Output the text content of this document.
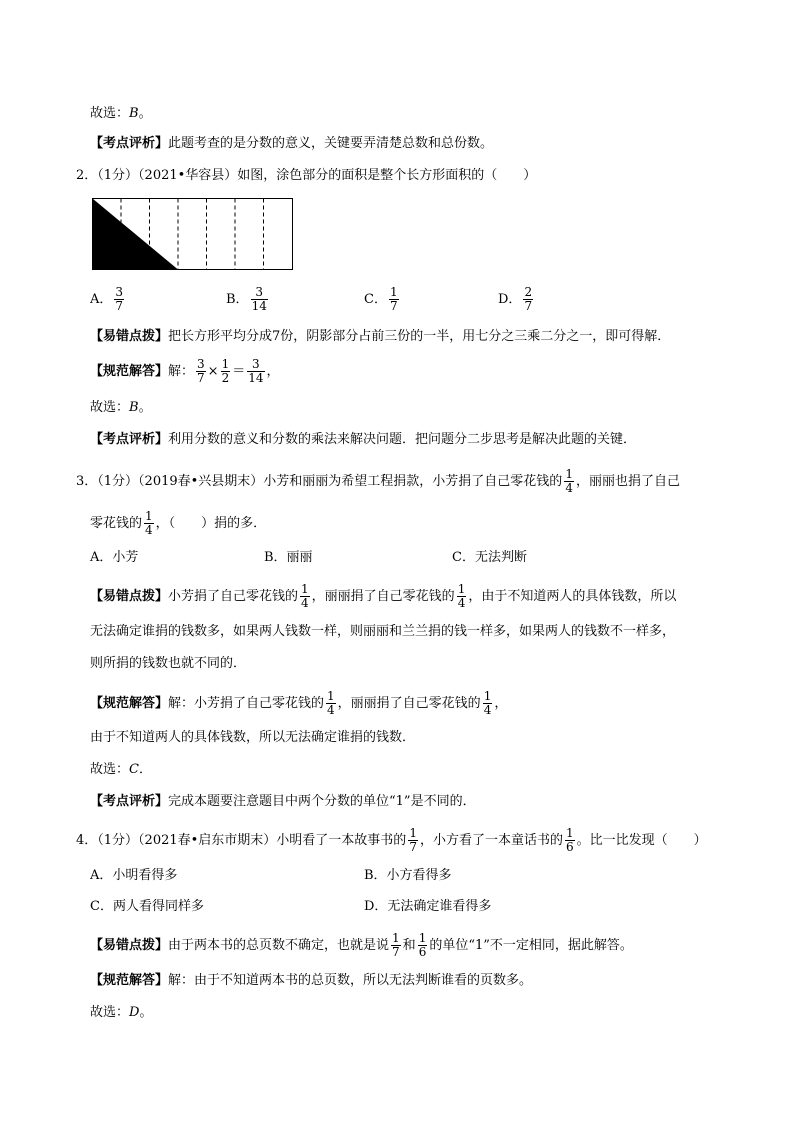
故选：B。
【考点评析】此题考查的是分数的意义，关键要弄清楚总数和总份数。
2．（1分）（2021•华容县）如图，涂色部分的面积是整个长方形面积的（　　）
A． $\frac{3}{7}$	B． $\frac{3}{14}$	C． $\frac{1}{7}$	D． $\frac{2}{7}$
【易错点拨】把长方形平均分成7份，阴影部分占前三份的一半，用七分之三乘二分之一，即可得解．
【规范解答】解： $\frac{3}{7} \times \frac{1}{2} = \frac{3}{14}$ ，
故选：B。
【考点评析】利用分数的意义和分数的乘法来解决问题．把问题分二步思考是解决此题的关键．
3．（1分）（2019春•兴县期末）小芳和丽丽为希望工程捐款，小芳捐了自己零花钱的 $\frac{1}{4}$ ，丽丽也捐了自己
零花钱的 $\frac{1}{4}$ ，（　　）捐的多．
A．小芳	B．丽丽	C．无法判断
【易错点拨】小芳捐了自己零花钱的 $\frac{1}{4}$ ，丽丽捐了自己零花钱的 $\frac{1}{4}$ ，由于不知道两人的具体钱数，所以
无法确定谁捐的钱数多，如果两人钱数一样，则丽丽和兰兰捐的钱一样多，如果两人的钱数不一样多，
则所捐的钱数也就不同的．
【规范解答】解：小芳捐了自己零花钱的 $\frac{1}{4}$ ，丽丽捐了自己零花钱的 $\frac{1}{4}$ ，
由于不知道两人的具体钱数，所以无法确定谁捐的钱数．
故选：C．
【考点评析】完成本题要注意题目中两个分数的单位“1”是不同的．
4．（1分）（2021春•启东市期末）小明看了一本故事书的 $\frac{1}{7}$ ，小方看了一本童话书的 $\frac{1}{6}$ 。比一比发现（　　）
A．小明看得多	B．小方看得多
C．两人看得同样多	D．无法确定谁看得多
【易错点拨】由于两本书的总页数不确定，也就是说 $\frac{1}{7}$ 和 $\frac{1}{6}$ 的单位“1”不一定相同，据此解答。
【规范解答】解：由于不知道两本书的总页数，所以无法判断谁看的页数多。
故选：D。
